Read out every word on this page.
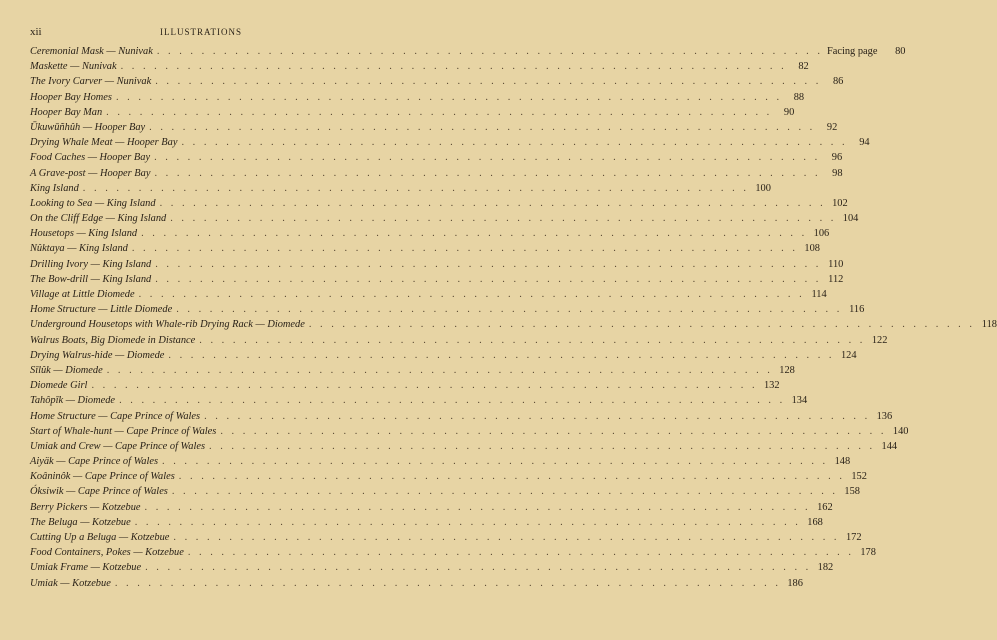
xii	ILLUSTRATIONS
Ceremonial Mask — Nunivak . . . . . . . . . . . . . . . . . . . . . . . . . . . . . . . . . . . . . . . . . . . . . . . . . . . . . . . . . . . . Facing page	80
Maskette — Nunivak . . . . . . . . . . . . . . . . . . . . . . . . . . . . . . . . . . . . . . . . . . . . . . . . . . . . . . . . . . . .	82
The Ivory Carver — Nunivak . . . . . . . . . . . . . . . . . . . . . . . . . . . . . . . . . . . . . . . . . . . . . . . . . . . . . . . . . . . .	86
Hooper Bay Homes . . . . . . . . . . . . . . . . . . . . . . . . . . . . . . . . . . . . . . . . . . . . . . . . . . . . . . . . . . . .	88
Hooper Bay Man . . . . . . . . . . . . . . . . . . . . . . . . . . . . . . . . . . . . . . . . . . . . . . . . . . . . . . . . . . . .	90
Ūkuwūñhûh — Hooper Bay . . . . . . . . . . . . . . . . . . . . . . . . . . . . . . . . . . . . . . . . . . . . . . . . . . . . . . . . . . . .	92
Drying Whale Meat — Hooper Bay . . . . . . . . . . . . . . . . . . . . . . . . . . . . . . . . . . . . . . . . . . . . . . . . . . . . . . . . . . . .	94
Food Caches — Hooper Bay . . . . . . . . . . . . . . . . . . . . . . . . . . . . . . . . . . . . . . . . . . . . . . . . . . . . . . . . . . . .	96
A Grave-post — Hooper Bay . . . . . . . . . . . . . . . . . . . . . . . . . . . . . . . . . . . . . . . . . . . . . . . . . . . . . . . . . . . .	98
King Island . . . . . . . . . . . . . . . . . . . . . . . . . . . . . . . . . . . . . . . . . . . . . . . . . . . . . . . . . . . . 100
Looking to Sea — King Island . . . . . . . . . . . . . . . . . . . . . . . . . . . . . . . . . . . . . . . . . . . . . . . . . . . . . . . . . . . . 102
On the Cliff Edge — King Island . . . . . . . . . . . . . . . . . . . . . . . . . . . . . . . . . . . . . . . . . . . . . . . . . . . . . . . . . . . . 104
Housetops — King Island . . . . . . . . . . . . . . . . . . . . . . . . . . . . . . . . . . . . . . . . . . . . . . . . . . . . . . . . . . . . 106
Nûktaya — King Island . . . . . . . . . . . . . . . . . . . . . . . . . . . . . . . . . . . . . . . . . . . . . . . . . . . . . . . . . . . . 108
Drilling Ivory — King Island . . . . . . . . . . . . . . . . . . . . . . . . . . . . . . . . . . . . . . . . . . . . . . . . . . . . . . . . . . . . 110
The Bow-drill — King Island . . . . . . . . . . . . . . . . . . . . . . . . . . . . . . . . . . . . . . . . . . . . . . . . . . . . . . . . . . . . 112
Village at Little Diomede . . . . . . . . . . . . . . . . . . . . . . . . . . . . . . . . . . . . . . . . . . . . . . . . . . . . . . . . . . . . 114
Home Structure — Little Diomede . . . . . . . . . . . . . . . . . . . . . . . . . . . . . . . . . . . . . . . . . . . . . . . . . . . . . . . . . . . . 116
Underground Housetops with Whale-rib Drying Rack — Diomede . . . . . . . . . . . . . . . . . . . . . . . . . . . . . . . . . . . . . . . . . . . . . . . . . . . . . . . . . . . . 118
Walrus Boats, Big Diomede in Distance . . . . . . . . . . . . . . . . . . . . . . . . . . . . . . . . . . . . . . . . . . . . . . . . . . . . . . . . . . . . 122
Drying Walrus-hide — Diomede . . . . . . . . . . . . . . . . . . . . . . . . . . . . . . . . . . . . . . . . . . . . . . . . . . . . . . . . . . . . 124
Sīlûk — Diomede . . . . . . . . . . . . . . . . . . . . . . . . . . . . . . . . . . . . . . . . . . . . . . . . . . . . . . . . . . . . 128
Diomede Girl . . . . . . . . . . . . . . . . . . . . . . . . . . . . . . . . . . . . . . . . . . . . . . . . . . . . . . . . . . . . 132
Tahôpīk — Diomede . . . . . . . . . . . . . . . . . . . . . . . . . . . . . . . . . . . . . . . . . . . . . . . . . . . . . . . . . . . . 134
Home Structure — Cape Prince of Wales . . . . . . . . . . . . . . . . . . . . . . . . . . . . . . . . . . . . . . . . . . . . . . . . . . . . . . . . . . . . 136
Start of Whale-hunt — Cape Prince of Wales . . . . . . . . . . . . . . . . . . . . . . . . . . . . . . . . . . . . . . . . . . . . . . . . . . . . . . . . . . . . 140
Umiak and Crew — Cape Prince of Wales . . . . . . . . . . . . . . . . . . . . . . . . . . . . . . . . . . . . . . . . . . . . . . . . . . . . . . . . . . . . 144
Aiyäk — Cape Prince of Wales . . . . . . . . . . . . . . . . . . . . . . . . . . . . . . . . . . . . . . . . . . . . . . . . . . . . . . . . . . . . 148
Koâninôk — Cape Prince of Wales . . . . . . . . . . . . . . . . . . . . . . . . . . . . . . . . . . . . . . . . . . . . . . . . . . . . . . . . . . . . 152
Óksiwik — Cape Prince of Wales . . . . . . . . . . . . . . . . . . . . . . . . . . . . . . . . . . . . . . . . . . . . . . . . . . . . . . . . . . . . 158
Berry Pickers — Kotzebue . . . . . . . . . . . . . . . . . . . . . . . . . . . . . . . . . . . . . . . . . . . . . . . . . . . . . . . . . . . . 162
The Beluga — Kotzebue . . . . . . . . . . . . . . . . . . . . . . . . . . . . . . . . . . . . . . . . . . . . . . . . . . . . . . . . . . . . 168
Cutting Up a Beluga — Kotzebue . . . . . . . . . . . . . . . . . . . . . . . . . . . . . . . . . . . . . . . . . . . . . . . . . . . . . . . . . . . . 172
Food Containers, Pokes — Kotzebue . . . . . . . . . . . . . . . . . . . . . . . . . . . . . . . . . . . . . . . . . . . . . . . . . . . . . . . . . . . . 178
Umiak Frame — Kotzebue . . . . . . . . . . . . . . . . . . . . . . . . . . . . . . . . . . . . . . . . . . . . . . . . . . . . . . . . . . . . 182
Umiak — Kotzebue . . . . . . . . . . . . . . . . . . . . . . . . . . . . . . . . . . . . . . . . . . . . . . . . . . . . . . . . . . . . 186
